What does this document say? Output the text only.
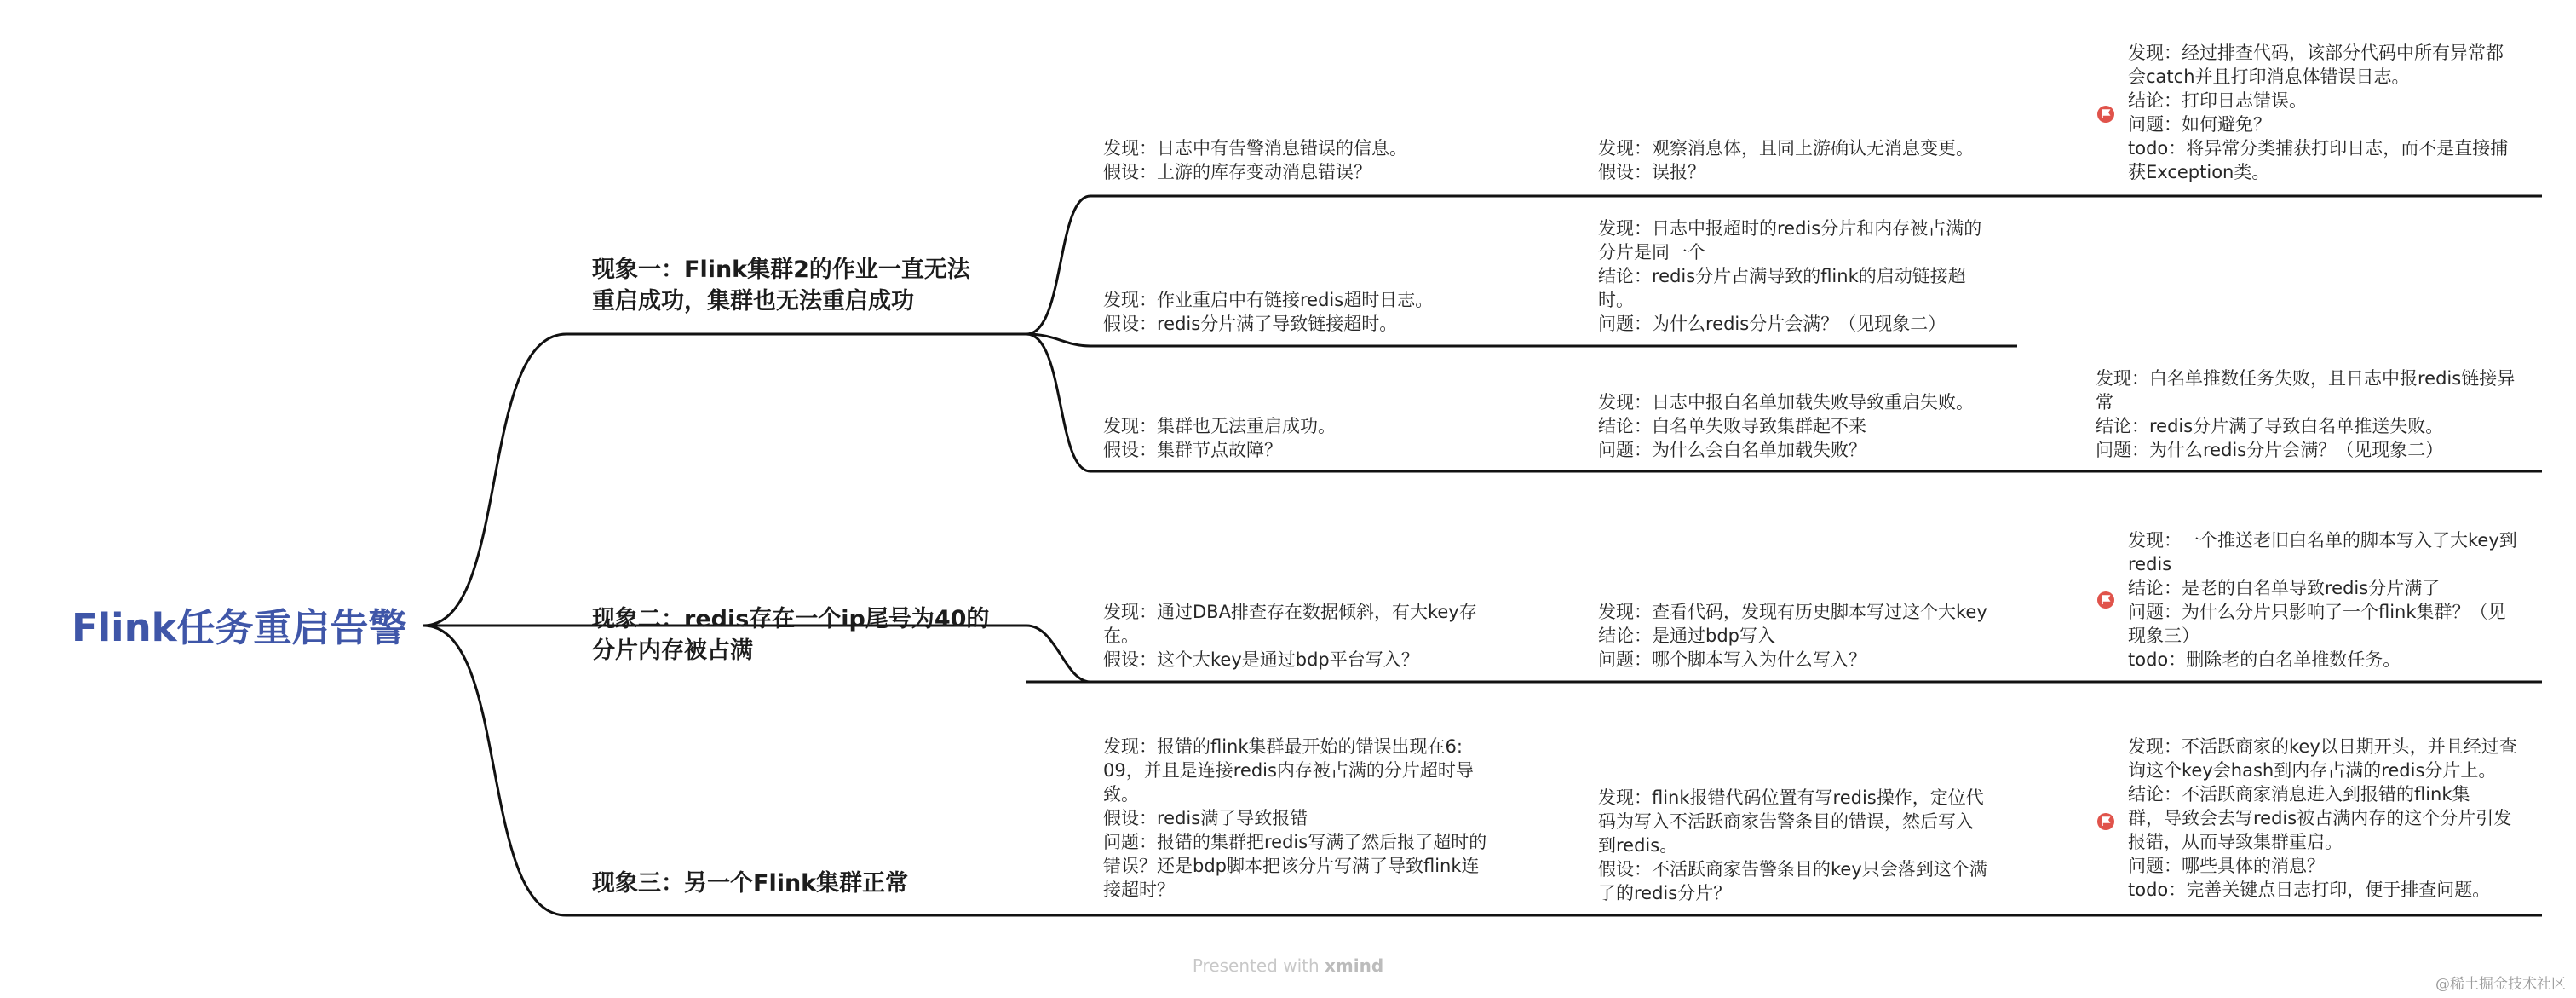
Flink任务重启告警
现象一：Flink集群2的作业一直无法
重启成功，集群也无法重启成功
发现：日志中有告警消息错误的信息。
假设：上游的库存变动消息错误？
发现：观察消息体，且同上游确认无消息变更。
假设：误报？
发现：经过排查代码，该部分代码中所有异常都
会catch并且打印消息体错误日志。
结论：打印日志错误。
问题：如何避免？
todo：将异常分类捕获打印日志，而不是直接捕
获Exception类。
发现：作业重启中有链接redis超时日志。
假设：redis分片满了导致链接超时。
发现：日志中报超时的redis分片和内存被占满的
分片是同一个
结论：redis分片占满导致的flink的启动链接超
时。
问题：为什么redis分片会满？（见现象二）
发现：集群也无法重启成功。
假设：集群节点故障？
发现：日志中报白名单加载失败导致重启失败。
结论：白名单失败导致集群起不来
问题：为什么会白名单加载失败？
发现：白名单推数任务失败，且日志中报redis链接异
常
结论：redis分片满了导致白名单推送失败。
问题：为什么redis分片会满？（见现象二）
现象二：redis存在一个ip尾号为40的
分片内存被占满
发现：通过DBA排查存在数据倾斜，有大key存
在。
假设：这个大key是通过bdp平台写入？
发现：查看代码，发现有历史脚本写过这个大key
结论：是通过bdp写入
问题：哪个脚本写入为什么写入？
发现：一个推送老旧白名单的脚本写入了大key到
redis
结论：是老的白名单导致redis分片满了
问题：为什么分片只影响了一个flink集群？（见
现象三）
todo：删除老的白名单推数任务。
现象三：另一个Flink集群正常
发现：报错的flink集群最开始的错误出现在6:
09，并且是连接redis内存被占满的分片超时导
致。
假设：redis满了导致报错
问题：报错的集群把redis写满了然后报了超时的
错误？还是bdp脚本把该分片写满了导致flink连
接超时？
发现：flink报错代码位置有写redis操作，定位代
码为写入不活跃商家告警条目的错误，然后写入
到redis。
假设：不活跃商家告警条目的key只会落到这个满
了的redis分片？
发现：不活跃商家的key以日期开头，并且经过查
询这个key会hash到内存占满的redis分片上。
结论：不活跃商家消息进入到报错的flink集
群，导致会去写redis被占满内存的这个分片引发
报错，从而导致集群重启。
问题：哪些具体的消息？
todo：完善关键点日志打印，便于排查问题。
Presented with xmind
@稀土掘金技术社区
